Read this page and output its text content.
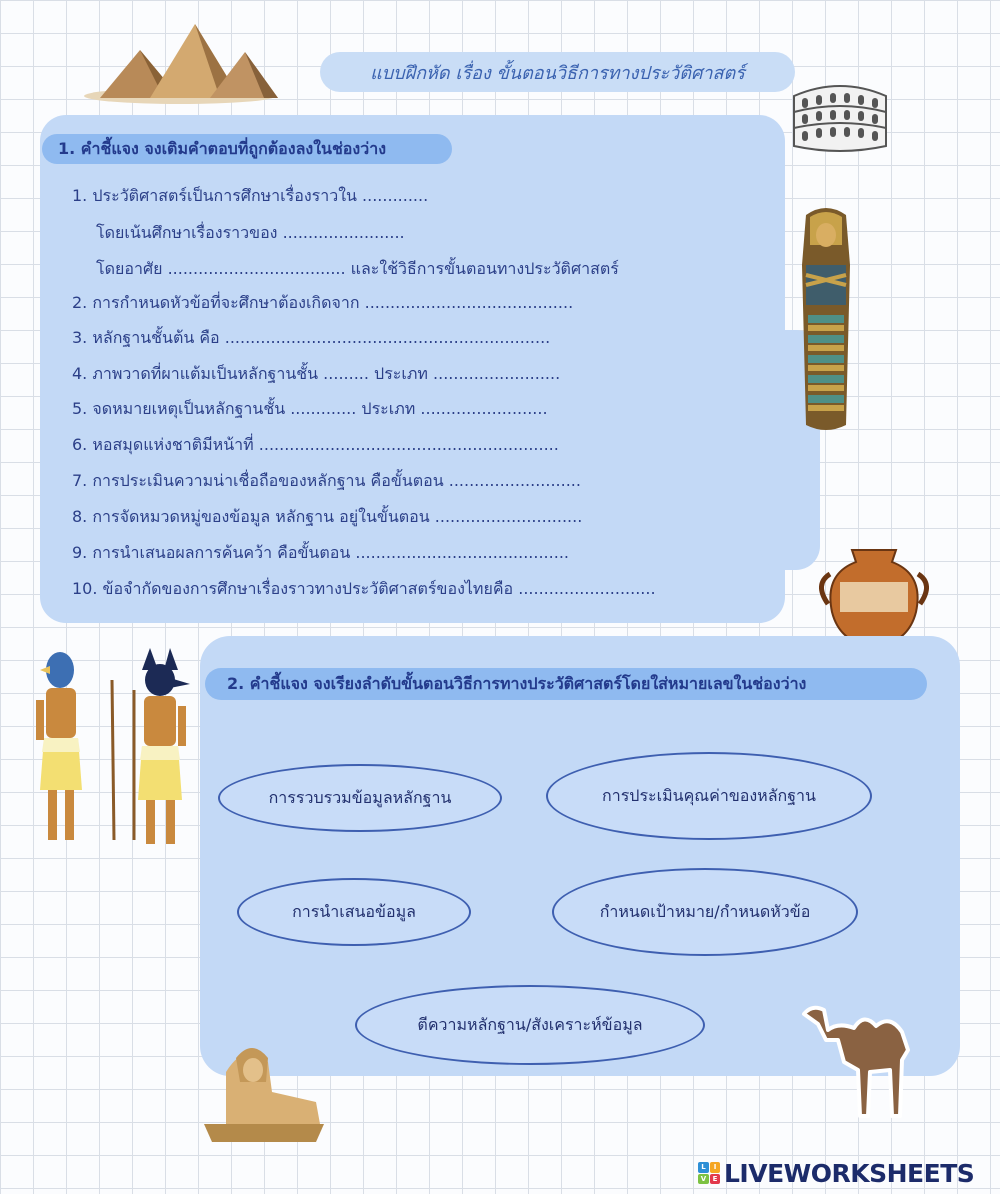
แบบฝึกหัด เรื่อง ขั้นตอนวิธีการทางประวัติศาสตร์
1. คำชี้แจง จงเติมคำตอบที่ถูกต้องลงในช่องว่าง
1. ประวัติศาสตร์เป็นการศึกษาเรื่องราวใน .............
โดยเน้นศึกษาเรื่องราวของ ........................
โดยอาศัย ................................... และใช้วิธีการขั้นตอนทางประวัติศาสตร์
2. การกำหนดหัวข้อที่จะศึกษาต้องเกิดจาก .........................................
3. หลักฐานชั้นต้น คือ ................................................................
4. ภาพวาดที่ผาแต้มเป็นหลักฐานชั้น ......... ประเภท .........................
5. จดหมายเหตุเป็นหลักฐานชั้น ............. ประเภท .........................
6. หอสมุดแห่งชาติมีหน้าที่ ...........................................................
7. การประเมินความน่าเชื่อถือของหลักฐาน คือขั้นตอน ..........................
8. การจัดหมวดหมู่ของข้อมูล หลักฐาน อยู่ในขั้นตอน .............................
9. การนำเสนอผลการค้นคว้า คือขั้นตอน ..........................................
10. ข้อจำกัดของการศึกษาเรื่องราวทางประวัติศาสตร์ของไทยคือ ...........................
2. คำชี้แจง จงเรียงลำดับขั้นตอนวิธีการทางประวัติศาสตร์โดยใส่หมายเลขในช่องว่าง
การรวบรวมข้อมูลหลักฐาน	การประเมินคุณค่าของหลักฐาน
การนำเสนอข้อมูล	กำหนดเป้าหมาย/กำหนดหัวข้อ
ตีความหลักฐาน/สังเคราะห์ข้อมูล
L	I
V E LIVEWORKSHEETS
